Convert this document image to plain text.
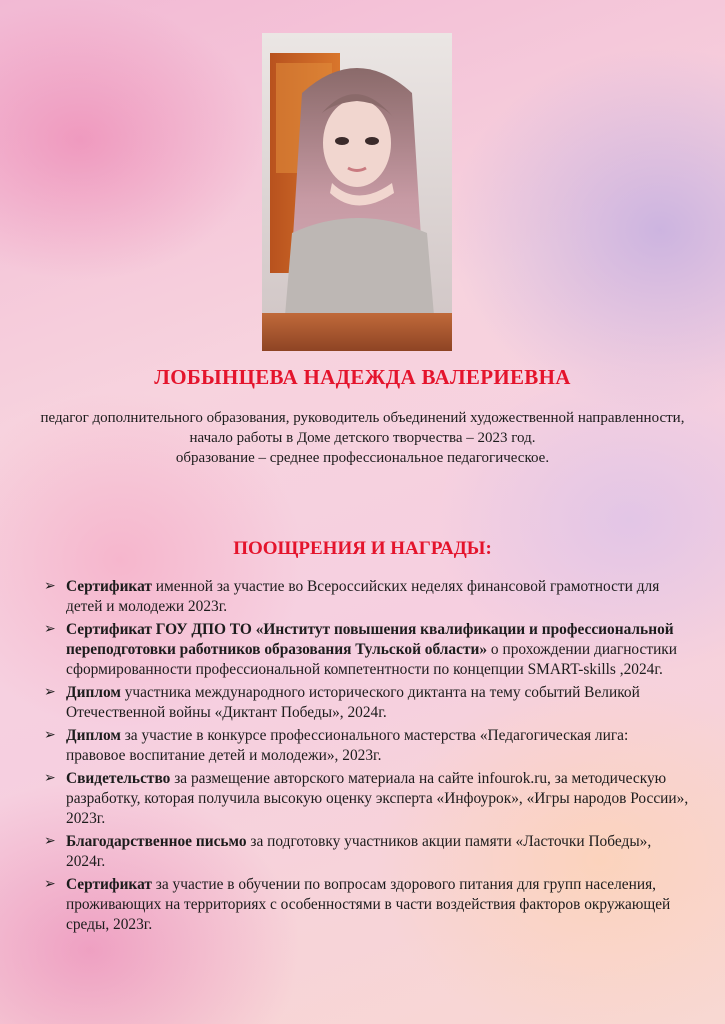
ЛОБЫНЦЕВА НАДЕЖДА ВАЛЕРИЕВНА

педагог дополнительного образования, руководитель объединений художественной направленности,

начало работы в Доме детского творчества – 2023 год.

образование – среднее профессиональное педагогическое.

ПООЩРЕНИЯ И НАГРАДЫ:
➢ Сертификат именной за участие во Всероссийских неделях финансовой грамотности для детей и молодежи 2023г.
➢ Сертификат ГОУ ДПО ТО «Институт повышения квалификации и профессиональной переподготовки работников образования Тульской области» о прохождении диагностики сформированности профессиональной компетентности по концепции SMART-skills ,2024г.
➢ Диплом участника международного исторического диктанта на тему событий Великой Отечественной войны «Диктант Победы», 2024г.
➢ Диплом за участие в конкурсе профессионального мастерства «Педагогическая лига: правовое воспитание детей и молодежи», 2023г.
➢ Свидетельство за размещение авторского материала на сайте infourok.ru, за методическую разработку, которая получила высокую оценку эксперта «Инфоурок», «Игры народов России», 2023г.
➢ Благодарственное письмо за подготовку участников акции памяти «Ласточки Победы», 2024г.
➢ Сертификат за участие в обучении по вопросам здорового питания для групп населения, проживающих на территориях с особенностями в части воздействия факторов окружающей среды, 2023г.
